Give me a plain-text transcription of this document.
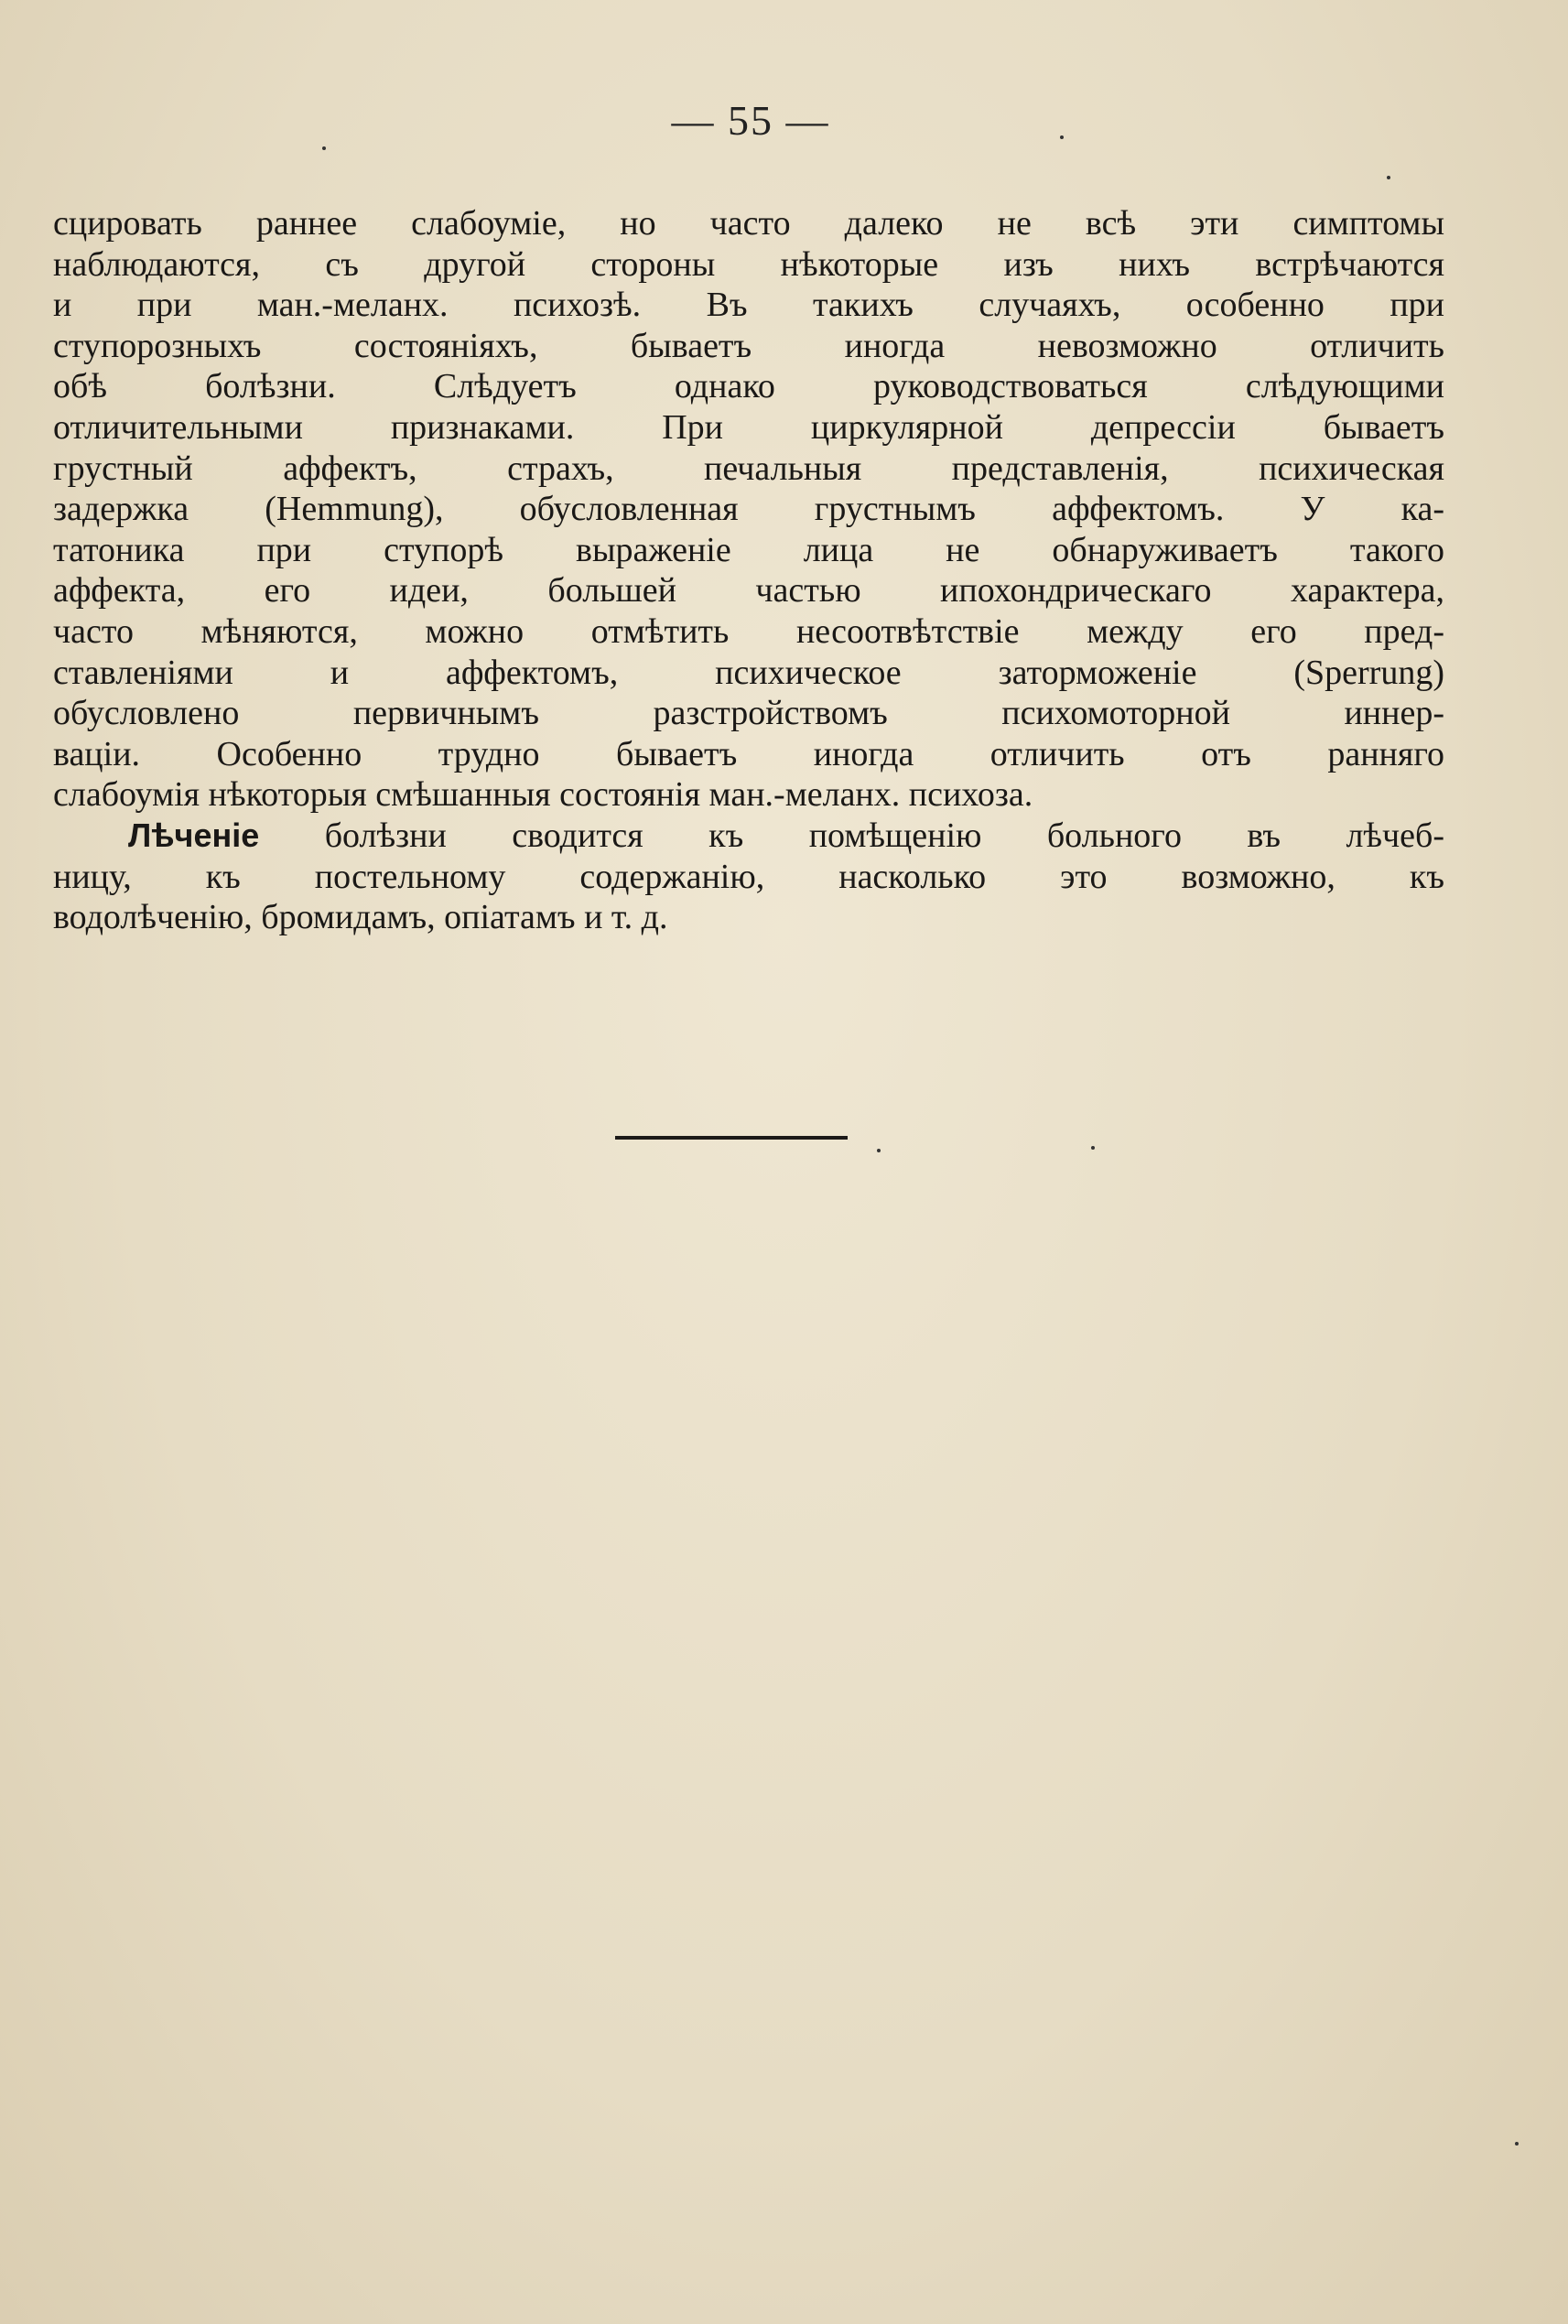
— 55 —
сцировать раннее слабоумiе, но часто далеко не всѣ эти симптомы
наблюдаются, съ другой стороны нѣкоторые изъ нихъ встрѣчаются
и при ман.-меланх. психозѣ. Въ такихъ случаяхъ, особенно при
ступорозныхъ состоянiяхъ, бываетъ иногда невозможно отличить
обѣ болѣзни. Слѣдуетъ однако руководствоваться слѣдующими
отличительными признаками. При циркулярной депрессiи бываетъ
грустный аффектъ, страхъ, печальныя представленiя, психическая
задержка (Hemmung), обусловленная грустнымъ аффектомъ. У ка-
татоника при ступорѣ выраженiе лица не обнаруживаетъ такого
аффекта, его идеи, большей частью ипохондрическаго характера,
часто мѣняются, можно отмѣтить несоотвѣтствiе между его пред-
ставленiями и аффектомъ, психическое заторможенiе (Sperrung)
обусловлено первичнымъ разстройствомъ психомоторной иннер-
вацiи. Особенно трудно бываетъ иногда отличить отъ ранняго
слабоумiя нѣкоторыя смѣшанныя состоянiя ман.-меланх. психоза.
Лѣченiе болѣзни сводится къ помѣщенiю больного въ лѣчеб-
ницу, къ постельному содержанiю, насколько это возможно, къ
водолѣченiю, бромидамъ, опiатамъ и т. д.
